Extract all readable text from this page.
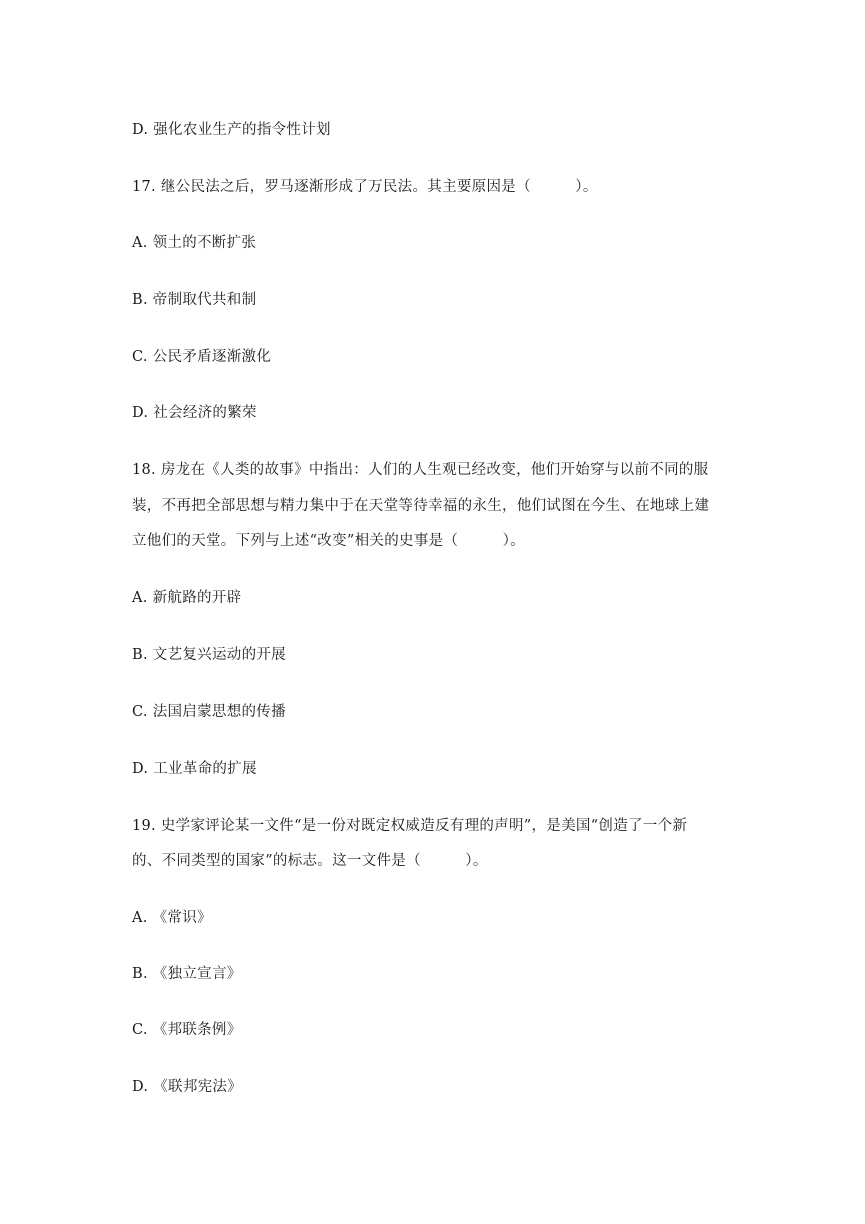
D. 强化农业生产的指令性计划
17. 继公民法之后，罗马逐渐形成了万民法。其主要原因是（　　　）。
A. 领土的不断扩张
B. 帝制取代共和制
C. 公民矛盾逐渐激化
D. 社会经济的繁荣
18. 房龙在《人类的故事》中指出：人们的人生观已经改变，他们开始穿与以前不同的服
装，不再把全部思想与精力集中于在天堂等待幸福的永生，他们试图在今生、在地球上建
立他们的天堂。下列与上述“改变”相关的史事是（　　　）。
A. 新航路的开辟
B. 文艺复兴运动的开展
C. 法国启蒙思想的传播
D. 工业革命的扩展
19. 史学家评论某一文件“是一份对既定权威造反有理的声明”，是美国“创造了一个新
的、不同类型的国家”的标志。这一文件是（　　　）。
A. 《常识》
B. 《独立宣言》
C. 《邦联条例》
D. 《联邦宪法》
